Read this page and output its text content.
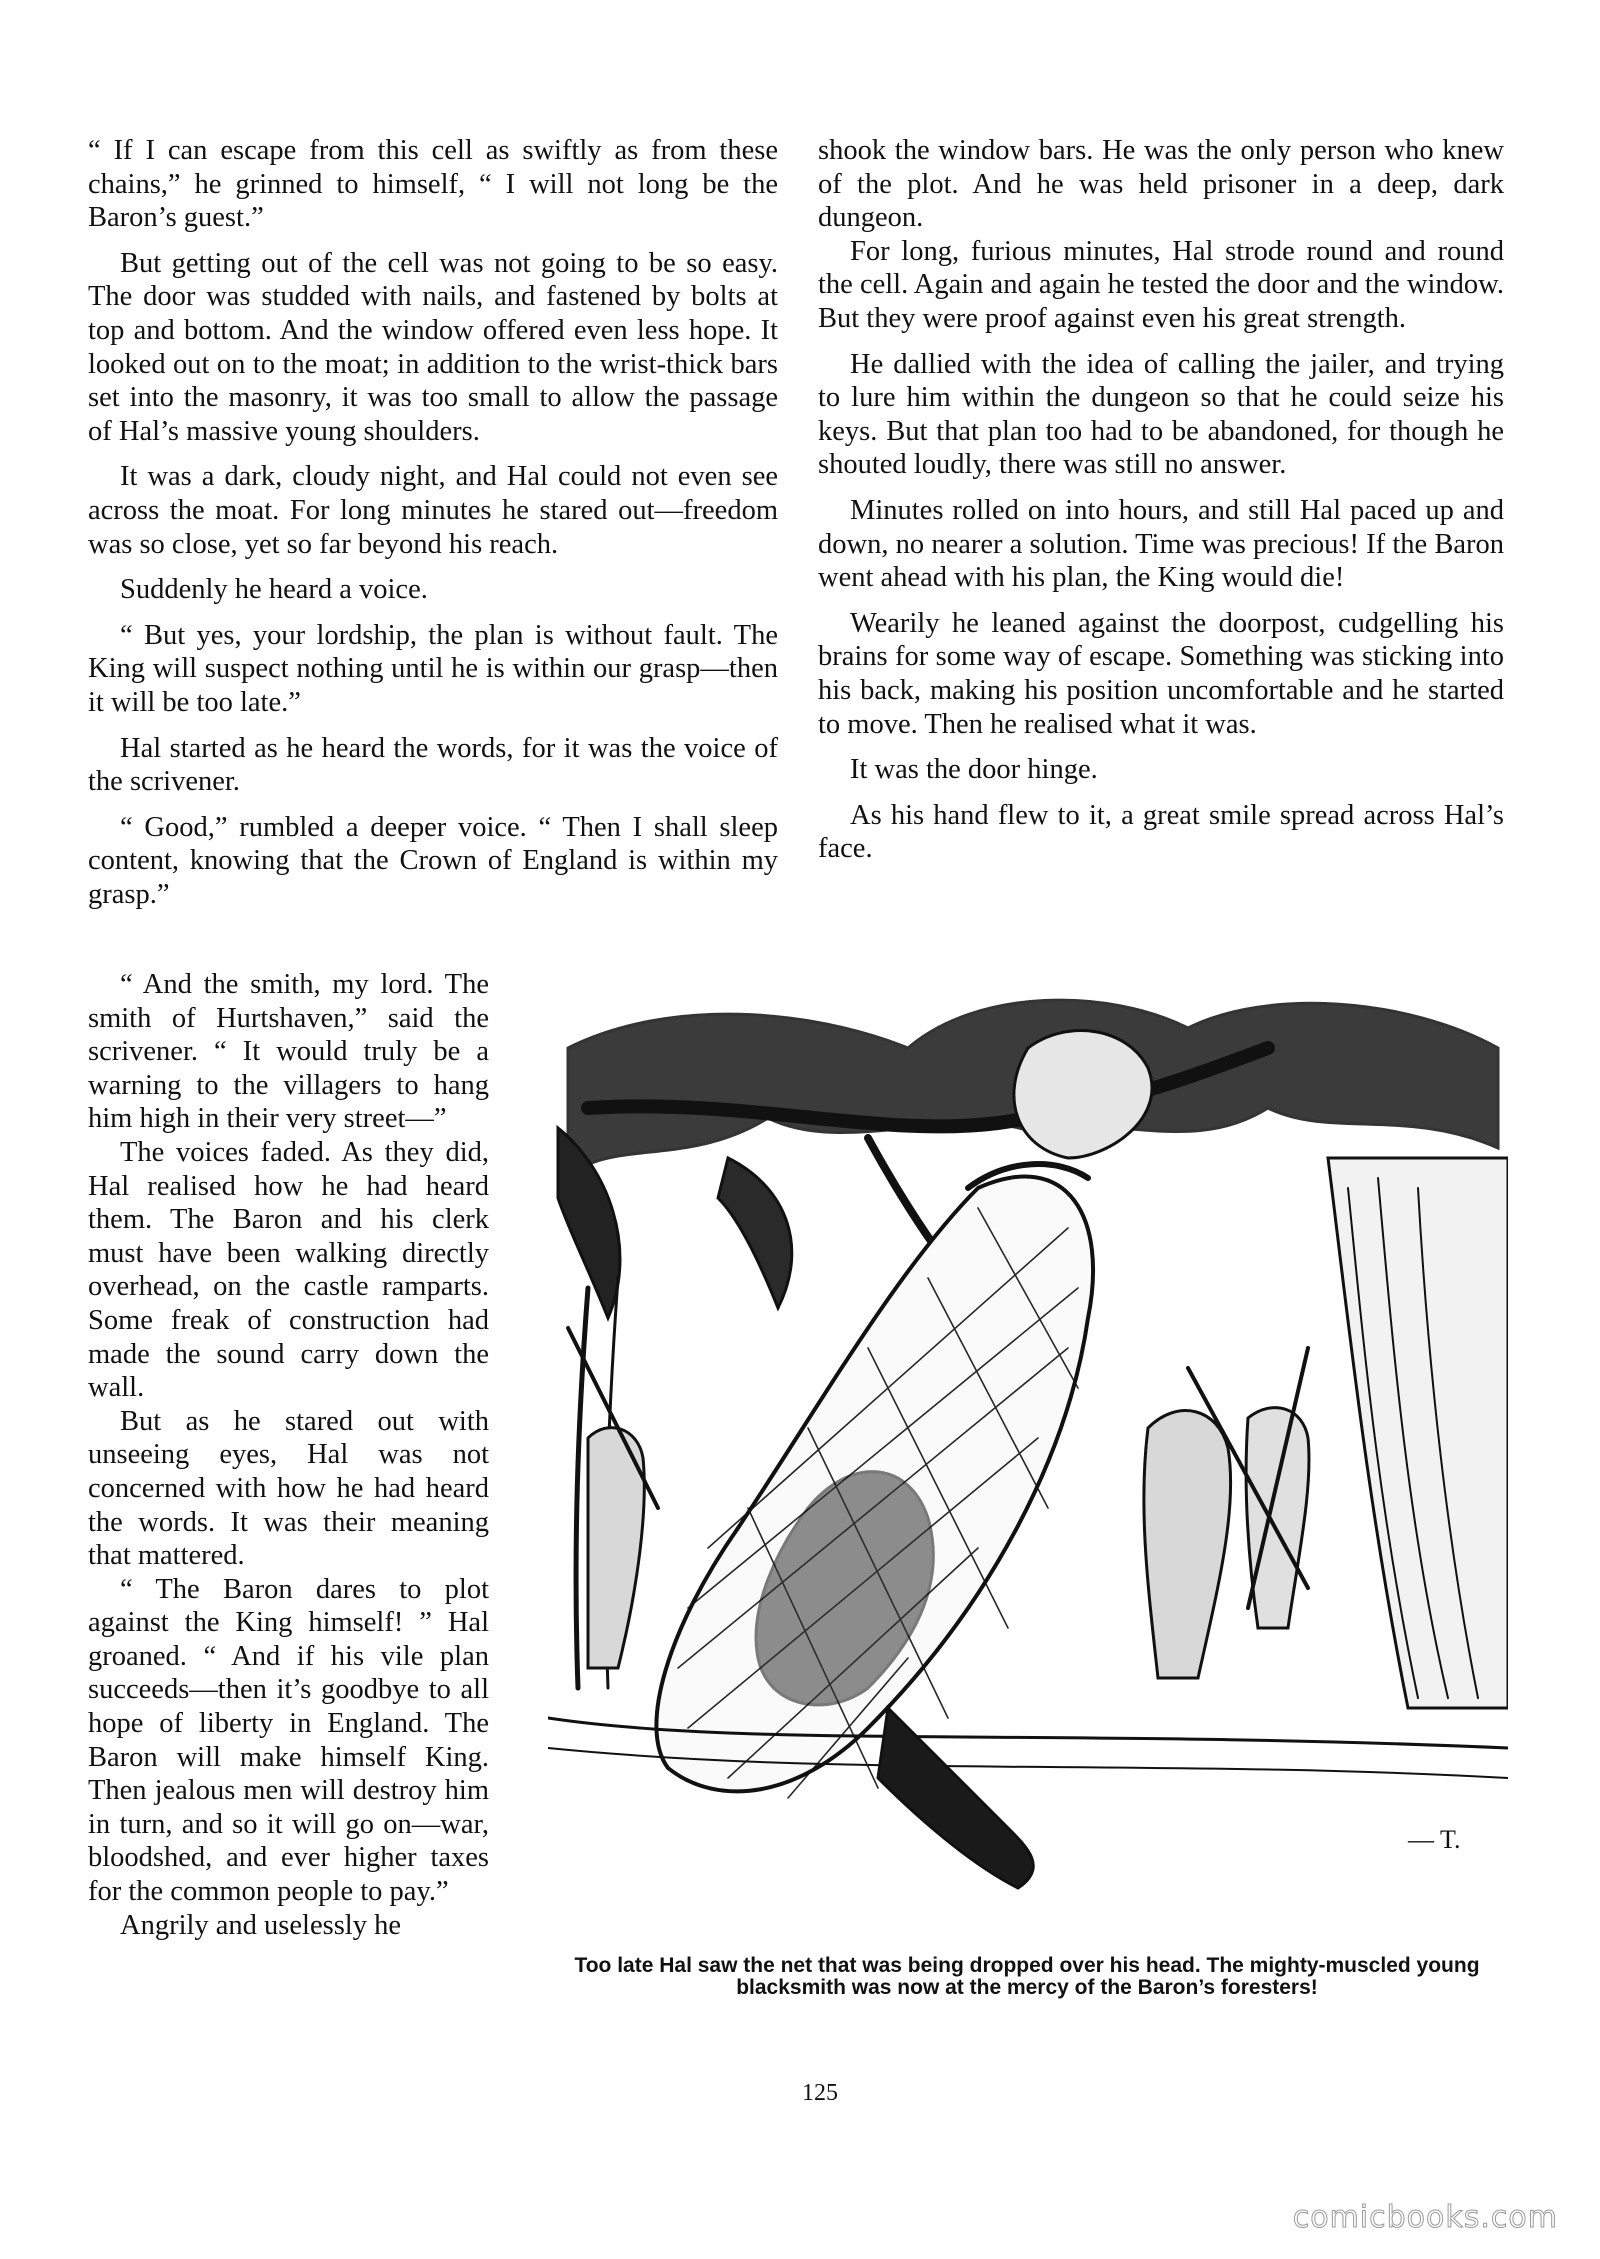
“ If I can escape from this cell as swiftly as from these chains,” he grinned to himself, “ I will not long be the Baron’s guest.”

But getting out of the cell was not going to be so easy. The door was studded with nails, and fastened by bolts at top and bottom. And the window offered even less hope. It looked out on to the moat; in addition to the wrist-thick bars set into the masonry, it was too small to allow the passage of Hal’s massive young shoulders.

It was a dark, cloudy night, and Hal could not even see across the moat. For long minutes he stared out—freedom was so close, yet so far beyond his reach.

Suddenly he heard a voice.

“ But yes, your lordship, the plan is without fault. The King will suspect nothing until he is within our grasp—then it will be too late.”

Hal started as he heard the words, for it was the voice of the scrivener.

“ Good,” rumbled a deeper voice. “ Then I shall sleep content, knowing that the Crown of England is within my grasp.”

“ And the smith, my lord. The smith of Hurtshaven,” said the scrivener. “ It would truly be a warning to the villagers to hang him high in their very street—”

The voices faded. As they did, Hal realised how he had heard them. The Baron and his clerk must have been walking directly overhead, on the castle ramparts. Some freak of construction had made the sound carry down the wall.

But as he stared out with unseeing eyes, Hal was not concerned with how he had heard the words. It was their meaning that mattered.

“ The Baron dares to plot against the King himself! ” Hal groaned. “ And if his vile plan succeeds—then it’s goodbye to all hope of liberty in England. The Baron will make himself King. Then jealous men will destroy him in turn, and so it will go on—war, bloodshed, and ever higher taxes for the common people to pay.”

Angrily and uselessly he

shook the window bars. He was the only person who knew of the plot. And he was held prisoner in a deep, dark dungeon.

For long, furious minutes, Hal strode round and round the cell. Again and again he tested the door and the window. But they were proof against even his great strength.

He dallied with the idea of calling the jailer, and trying to lure him within the dungeon so that he could seize his keys. But that plan too had to be abandoned, for though he shouted loudly, there was still no answer.

Minutes rolled on into hours, and still Hal paced up and down, no nearer a solution. Time was precious! If the Baron went ahead with his plan, the King would die!

Wearily he leaned against the doorpost, cudgelling his brains for some way of escape. Something was sticking into his back, making his position uncomfortable and he started to move. Then he realised what it was.

It was the door hinge.

As his hand flew to it, a great smile spread across Hal’s face.

— T.

Too late Hal saw the net that was being dropped over his head. The mighty-muscled young blacksmith was now at the mercy of the Baron’s foresters!

125

comicbooks.com
